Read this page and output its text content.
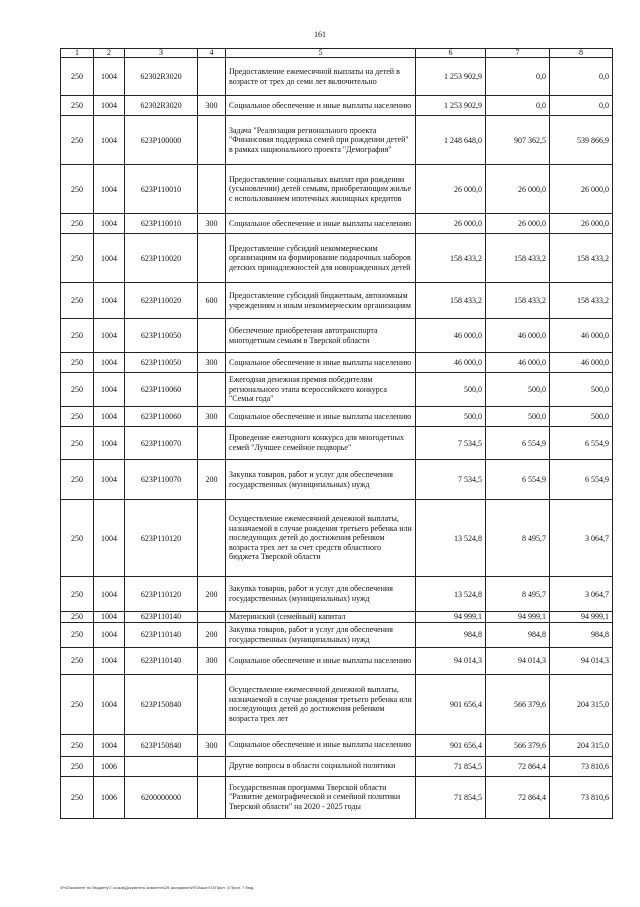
161
1	2	3	4	5	6	7	8
250	1004	62302R3020		Предоставление ежемесячной выплаты на детей в возрасте от трех до семи лет включительно	1 253 902,9	0,0	0,0
250	1004	62302R3020	300	Социальное обеспечение и иные выплаты населению	1 253 902,9	0,0	0,0
250	1004	623P100000		Задача "Реализация регионального проекта "Финансовая поддержка семей при рождении детей" в рамках национального проекта "Демография"	1 248 648,0	907 362,5	539 866,9
250	1004	623P110010		Предоставление социальных выплат при рождении (усыновлении) детей семьям, приобретающим жилье с использованием ипотечных жилищных кредитов	26 000,0	26 000,0	26 000,0
250	1004	623P110010	300	Социальное обеспечение и иные выплаты населению	26 000,0	26 000,0	26 000,0
250	1004	623P110020		Предоставление субсидий некоммерческим организациям на формирование подарочных наборов детских принадлежностей для новорожденных детей	158 433,2	158 433,2	158 433,2
250	1004	623P110020	600	Предоставление субсидий бюджетным, автономным учреждениям и иным некоммерческим организациям	158 433,2	158 433,2	158 433,2
250	1004	623P110050		Обеспечение приобретения автотранспорта многодетным семьям в Тверской области	46 000,0	46 000,0	46 000,0
250	1004	623P110050	300	Социальное обеспечение и иные выплаты населению	46 000,0	46 000,0	46 000,0
250	1004	623P110060		Ежегодная денежная премия победителям регионального этапа всероссийского конкурса "Семья года"	500,0	500,0	500,0
250	1004	623P110060	300	Социальное обеспечение и иные выплаты населению	500,0	500,0	500,0
250	1004	623P110070		Проведение ежегодного конкурса для многодетных семей "Лучшее семейное подворье"	7 534,5	6 554,9	6 554,9
250	1004	623P110070	200	Закупка товаров, работ и услуг для обеспечения государственных (муниципальных) нужд	7 534,5	6 554,9	6 554,9
250	1004	623P110120		Осуществление ежемесячной денежной выплаты, назначаемой в случае рождения третьего ребенка или последующих детей до достижения ребенком возраста трех лет за счет средств областного бюджета Тверской области	13 524,8	8 495,7	3 064,7
250	1004	623P110120	200	Закупка товаров, работ и услуг для обеспечения государственных (муниципальных) нужд	13 524,8	8 495,7	3 064,7
250	1004	623P110140		Материнский (семейный) капитал	94 999,1	94 999,1	94 999,1
250	1004	623P110140	200	Закупка товаров, работ и услуг для обеспечения государственных (муниципальных) нужд	984,8	984,8	984,8
250	1004	623P110140	300	Социальное обеспечение и иные выплаты населению	94 014,3	94 014,3	94 014,3
250	1004	623P150840		Осуществление ежемесячной денежной выплаты, назначаемой в случае рождения третьего ребенка или последующих детей до достижения ребенком возраста трех лет	901 656,4	566 379,6	204 315,0
250	1004	623P150840	300	Социальное обеспечение и иные выплаты населению	901 656,4	566 379,6	204 315,0
250	1006			Другие вопросы в области социальной политики	71 854,5	72 864,4	73 810,6
250	1006	6200000000		Государственная программа Тверской области "Развитие демографической и семейной политики Тверской области" на 2020 - 2025 годы	71 854,5	72 864,4	73 810,6
\\FsO\комитет по бюджету\7 созыв\Документы комитета\29 заседание\ИП\ЗаконТО\Прил. 4 Прил. 7 бюд.
